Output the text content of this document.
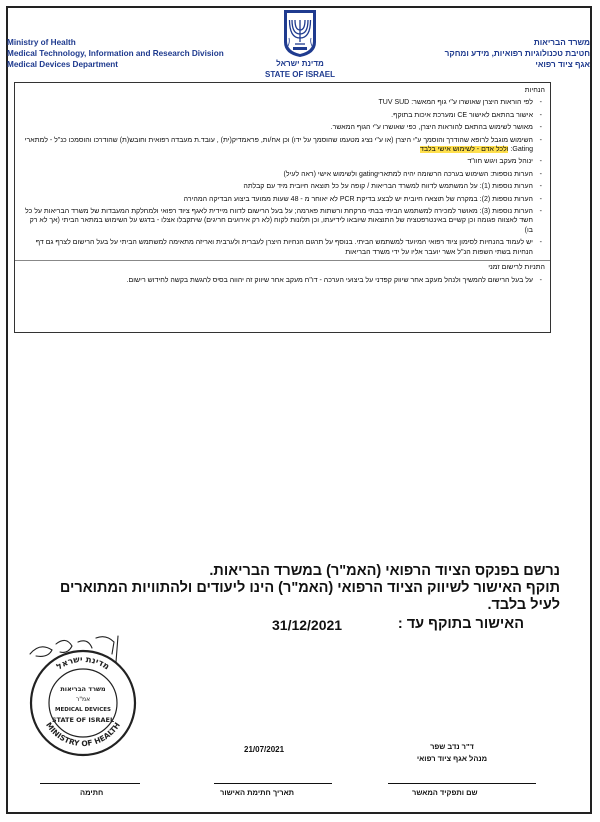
Ministry of Health
Medical Technology, Information and Research Division
Medical Devices Department	מדינת ישראל
STATE OF ISRAEL
משרד הבריאות
חטיבת טכנולוגיות רפואיות, מידע ומחקר
אגף ציוד רפואי
הנחיות
- לפי הוראות היצרן שאושרו ע"י גוף המאשר: TUV SUD
- אישור בהתאם לאישור CE ומערכת איכות בתוקף.
- מאושר לשימוש בהתאם להוראות היצרן, כפי שאושרו ע"י הגוף המאשר.
- השימוש מוגבל לרופא שהודרך והוסמך ע"י היצרן (או ע"י נציג מטעמו שהוסמך על ידו) וכן אח/ות, פראמדיק(ית) , עובד.ת מעבדה רפואית וחובש(ת) שהודרכו והוסמכו כנ"ל - למתארי Gating: ולכל אדם - לשימוש אישי בלבד
- ינוהל מעקב ויגוש חוו"ד
- הערות נוספות: השימוש בערכה הרשומה יהיה למתאריgating ולשימוש אישי (ראה לעיל)
- הערות נוספות (1): על המשתמש לדווח למשרד הבריאות / קופה על כל תוצאה חיובית מיד עם קבלתה
- הערות נוספות (2): במקרה של תוצאה חיובית יש לבצע בדיקת PCR לא יאוחר מ - 48 שעות ממועד ביצוע הבדיקה המהירה
- הערות נוספות (3): מאושר למכירה למשתמש הביתי בבתי מרקחת ורשתות פארמה; על בעל הרישום לדווח מיידית לאגף ציוד רפואי ולמחלקת המעבדות של משרד הבריאות על כל חשד לאצווה פגומה וכן קשיים באינטרפטציה של התוצאות שיובאו לידיעתו, וכן תלונות לקוח (לא רק אירועים חריגים) שיתקבלו אצלו - בדגש על השימוש במתאר הביתי (אך לא רק בו)
- יש לעמוד בהנחיות לסימון ציוד רפואי המיועד למשתמש הביתי. בנוסף על תרגום הנחיות היצרן לעברית ולערבית ואריזה מתאימה למשתמש הביתי על בעל הרישום לצרף גם דף הנחיות בשתי השפות הנ"ל אשר יועבר אליו על ידי משרד הבריאות
התניות לרישום זמני
- על בעל הרישום להמשיך ולנהל מעקב אחר שיווק קפדני על ביצועי הערכה - דו"ח מעקב אחר שיווק זה יהווה בסיס להגשת בקשה לחידוש רישום.
נרשם בפנקס הציוד הרפואי (האמ"ר) במשרד הבריאות.
תוקף האישור לשיווק הציוד הרפואי (האמ"ר) הינו ליעודים ולהתוויות המתוארים לעיל בלבד.
האישור בתוקף עד :
31/12/2021
מדינת ישראל
MINISTRY OF HEALTH
משרד הבריאות
אמ"ר
MEDICAL DEVICES
STATE OF ISRAEL
21/07/2021	ד"ר נדב שפר
מנהל אגף ציוד רפואי
חתימה	תאריך חתימת האישור	שם ותפקיד המאשר
